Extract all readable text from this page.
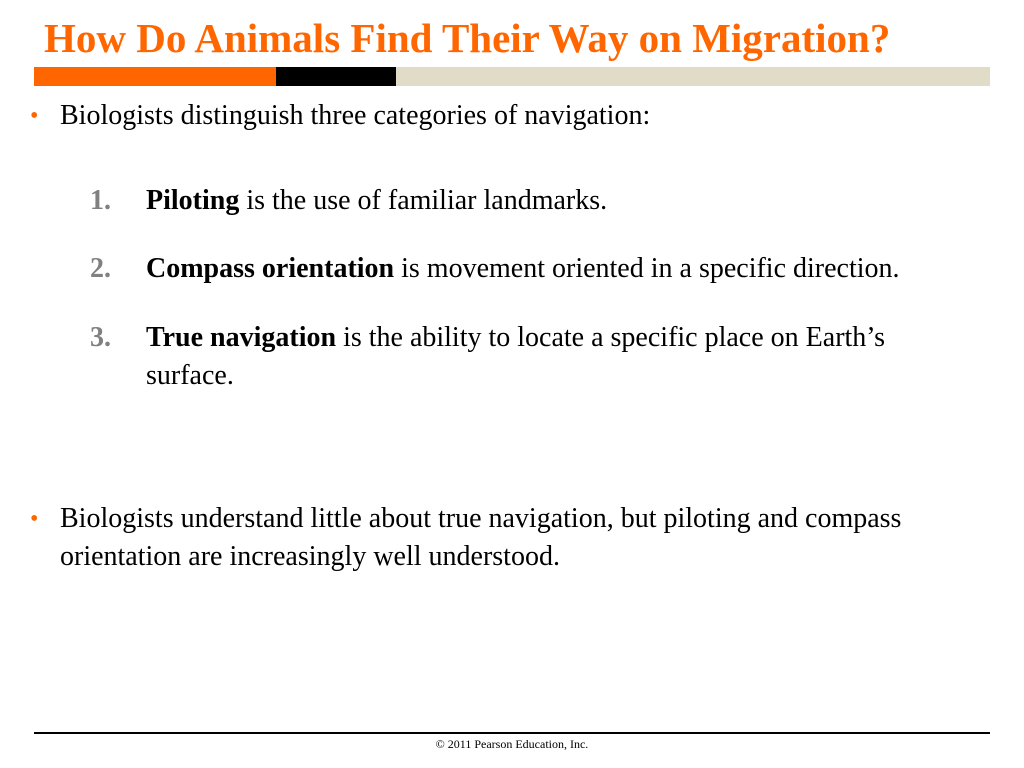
How Do Animals Find Their Way on Migration?
• Biologists distinguish three categories of navigation:
1. Piloting is the use of familiar landmarks.
2. Compass orientation is movement oriented in a specific direction.
3. True navigation is the ability to locate a specific place on Earth’s surface.
• Biologists understand little about true navigation, but piloting and compass orientation are increasingly well understood.
© 2011 Pearson Education, Inc.
